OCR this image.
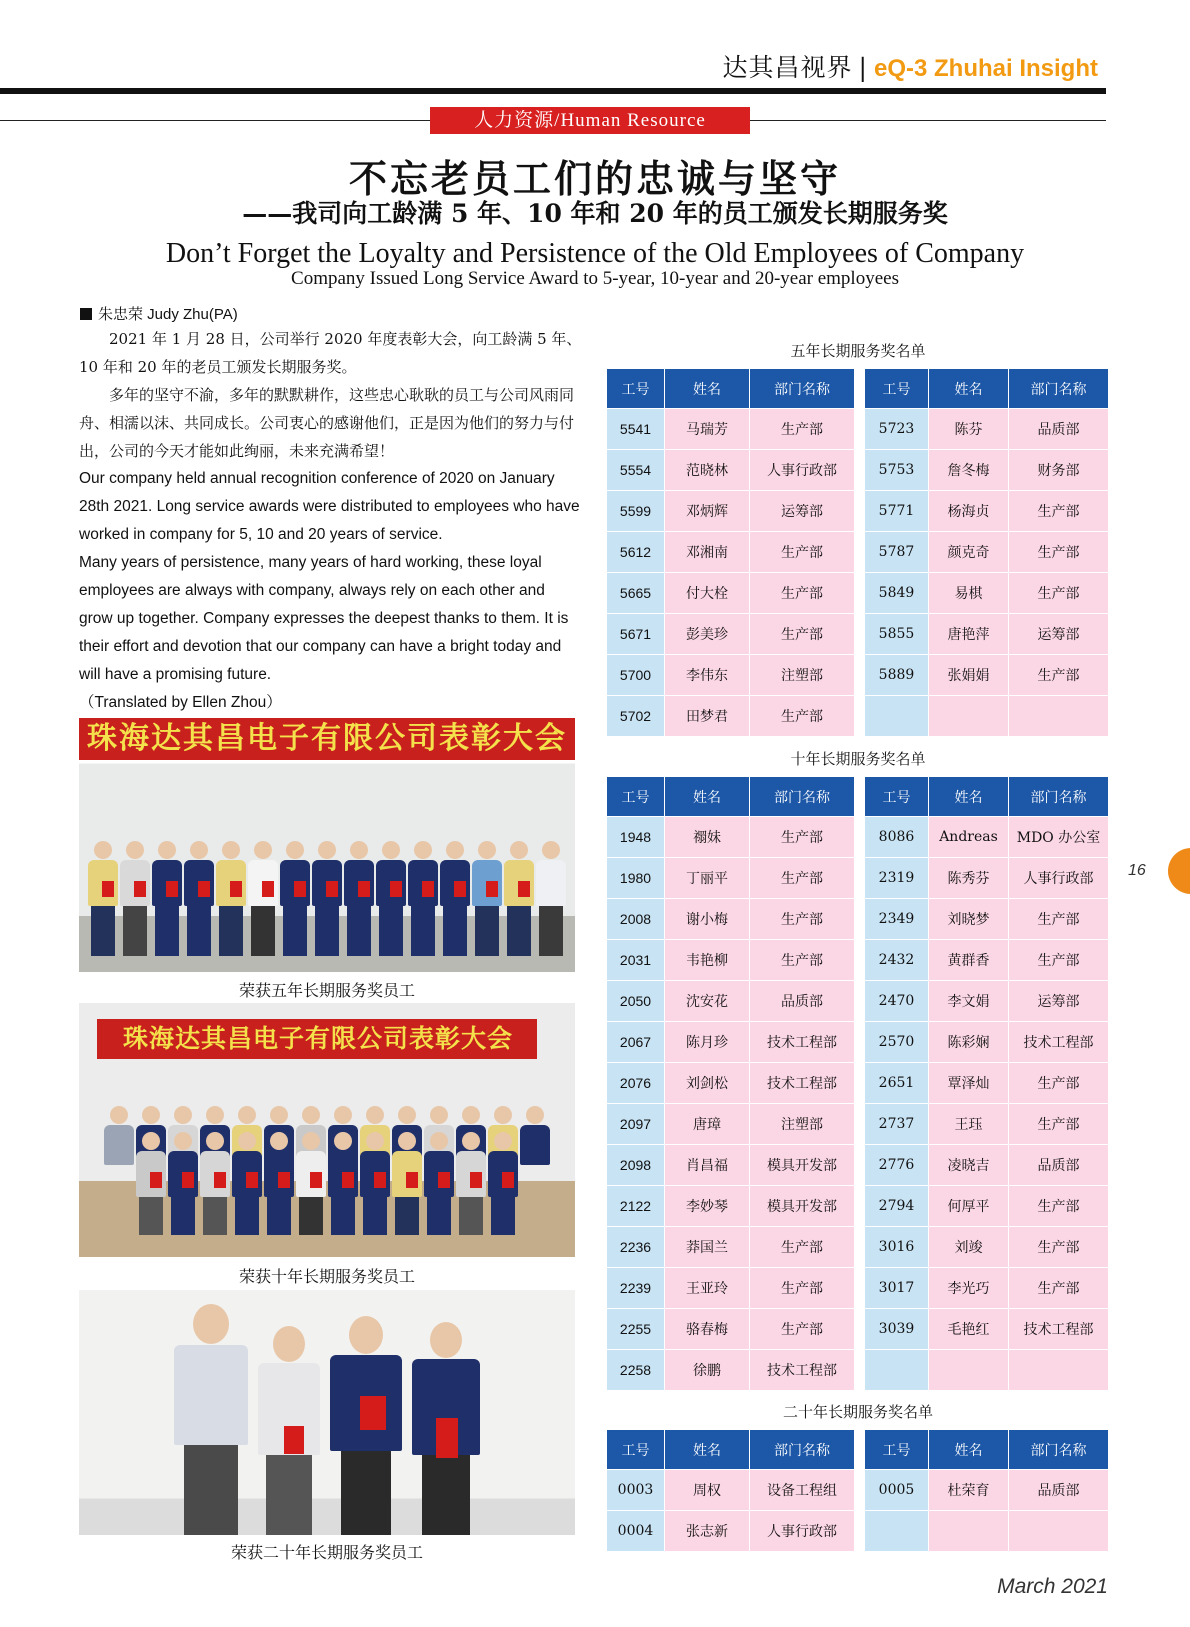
达其昌视界 | eQ-3 Zhuhai Insight
人力资源/Human Resource
不忘老员工们的忠诚与坚守
——我司向工龄满 5 年、10 年和 20 年的员工颁发长期服务奖
Don’t Forget the Loyalty and Persistence of the Old Employees of Company
Company Issued Long Service Award to 5-year, 10-year and 20-year employees
朱忠荣 Judy Zhu(PA)

2021 年 1 月 28 日，公司举行 2020 年度表彰大会，向工龄满 5 年、10 年和 20 年的老员工颁发长期服务奖。

多年的坚守不渝，多年的默默耕作，这些忠心耿耿的员工与公司风雨同舟、相濡以沫、共同成长。公司衷心的感谢他们，正是因为他们的努力与付出，公司的今天才能如此绚丽，未来充满希望！

Our company held annual recognition conference of 2020 on January 28th 2021. Long service awards were distributed to employees who have worked in company for 5, 10 and 20 years of service.

Many years of persistence, many years of hard working, these loyal employees are always with company, always rely on each other and grow up together. Company expresses the deepest thanks to them. It is their effort and devotion that our company can have a bright today and will have a promising future.

（Translated by Ellen Zhou）

珠海达其昌电子有限公司表彰大会
荣获五年长期服务奖员工
珠海达其昌电子有限公司表彰大会
荣获十年长期服务奖员工
荣获二十年长期服务奖员工
五年长期服务奖名单
工号	姓名	部门名称		工号	姓名	部门名称
5541	马瑞芳	生产部		5723	陈芬	品质部
5554	范晓林	人事行政部		5753	詹冬梅	财务部
5599	邓炳辉	运筹部		5771	杨海贞	生产部
5612	邓湘南	生产部		5787	颜克奇	生产部
5665	付大栓	生产部		5849	易棋	生产部
5671	彭美珍	生产部		5855	唐艳萍	运筹部
5700	李伟东	注塑部		5889	张娟娟	生产部
5702	田梦君	生产部				
十年长期服务奖名单
工号	姓名	部门名称		工号	姓名	部门名称
1948	禤妹	生产部		8086	Andreas	MDO 办公室
1980	丁丽平	生产部		2319	陈秀芬	人事行政部
2008	谢小梅	生产部		2349	刘晓梦	生产部
2031	韦艳柳	生产部		2432	黄群香	生产部
2050	沈安花	品质部		2470	李文娟	运筹部
2067	陈月珍	技术工程部		2570	陈彩娴	技术工程部
2076	刘剑松	技术工程部		2651	覃泽灿	生产部
2097	唐璋	注塑部		2737	王珏	生产部
2098	肖昌福	模具开发部		2776	凌晓吉	品质部
2122	李妙琴	模具开发部		2794	何厚平	生产部
2236	莽国兰	生产部		3016	刘竣	生产部
2239	王亚玲	生产部		3017	李光巧	生产部
2255	骆春梅	生产部		3039	毛艳红	技术工程部
2258	徐鹏	技术工程部				
二十年长期服务奖名单
工号	姓名	部门名称		工号	姓名	部门名称
0003	周权	设备工程组		0005	杜荣育	品质部
0004	张志新	人事行政部				
16
March 2021
